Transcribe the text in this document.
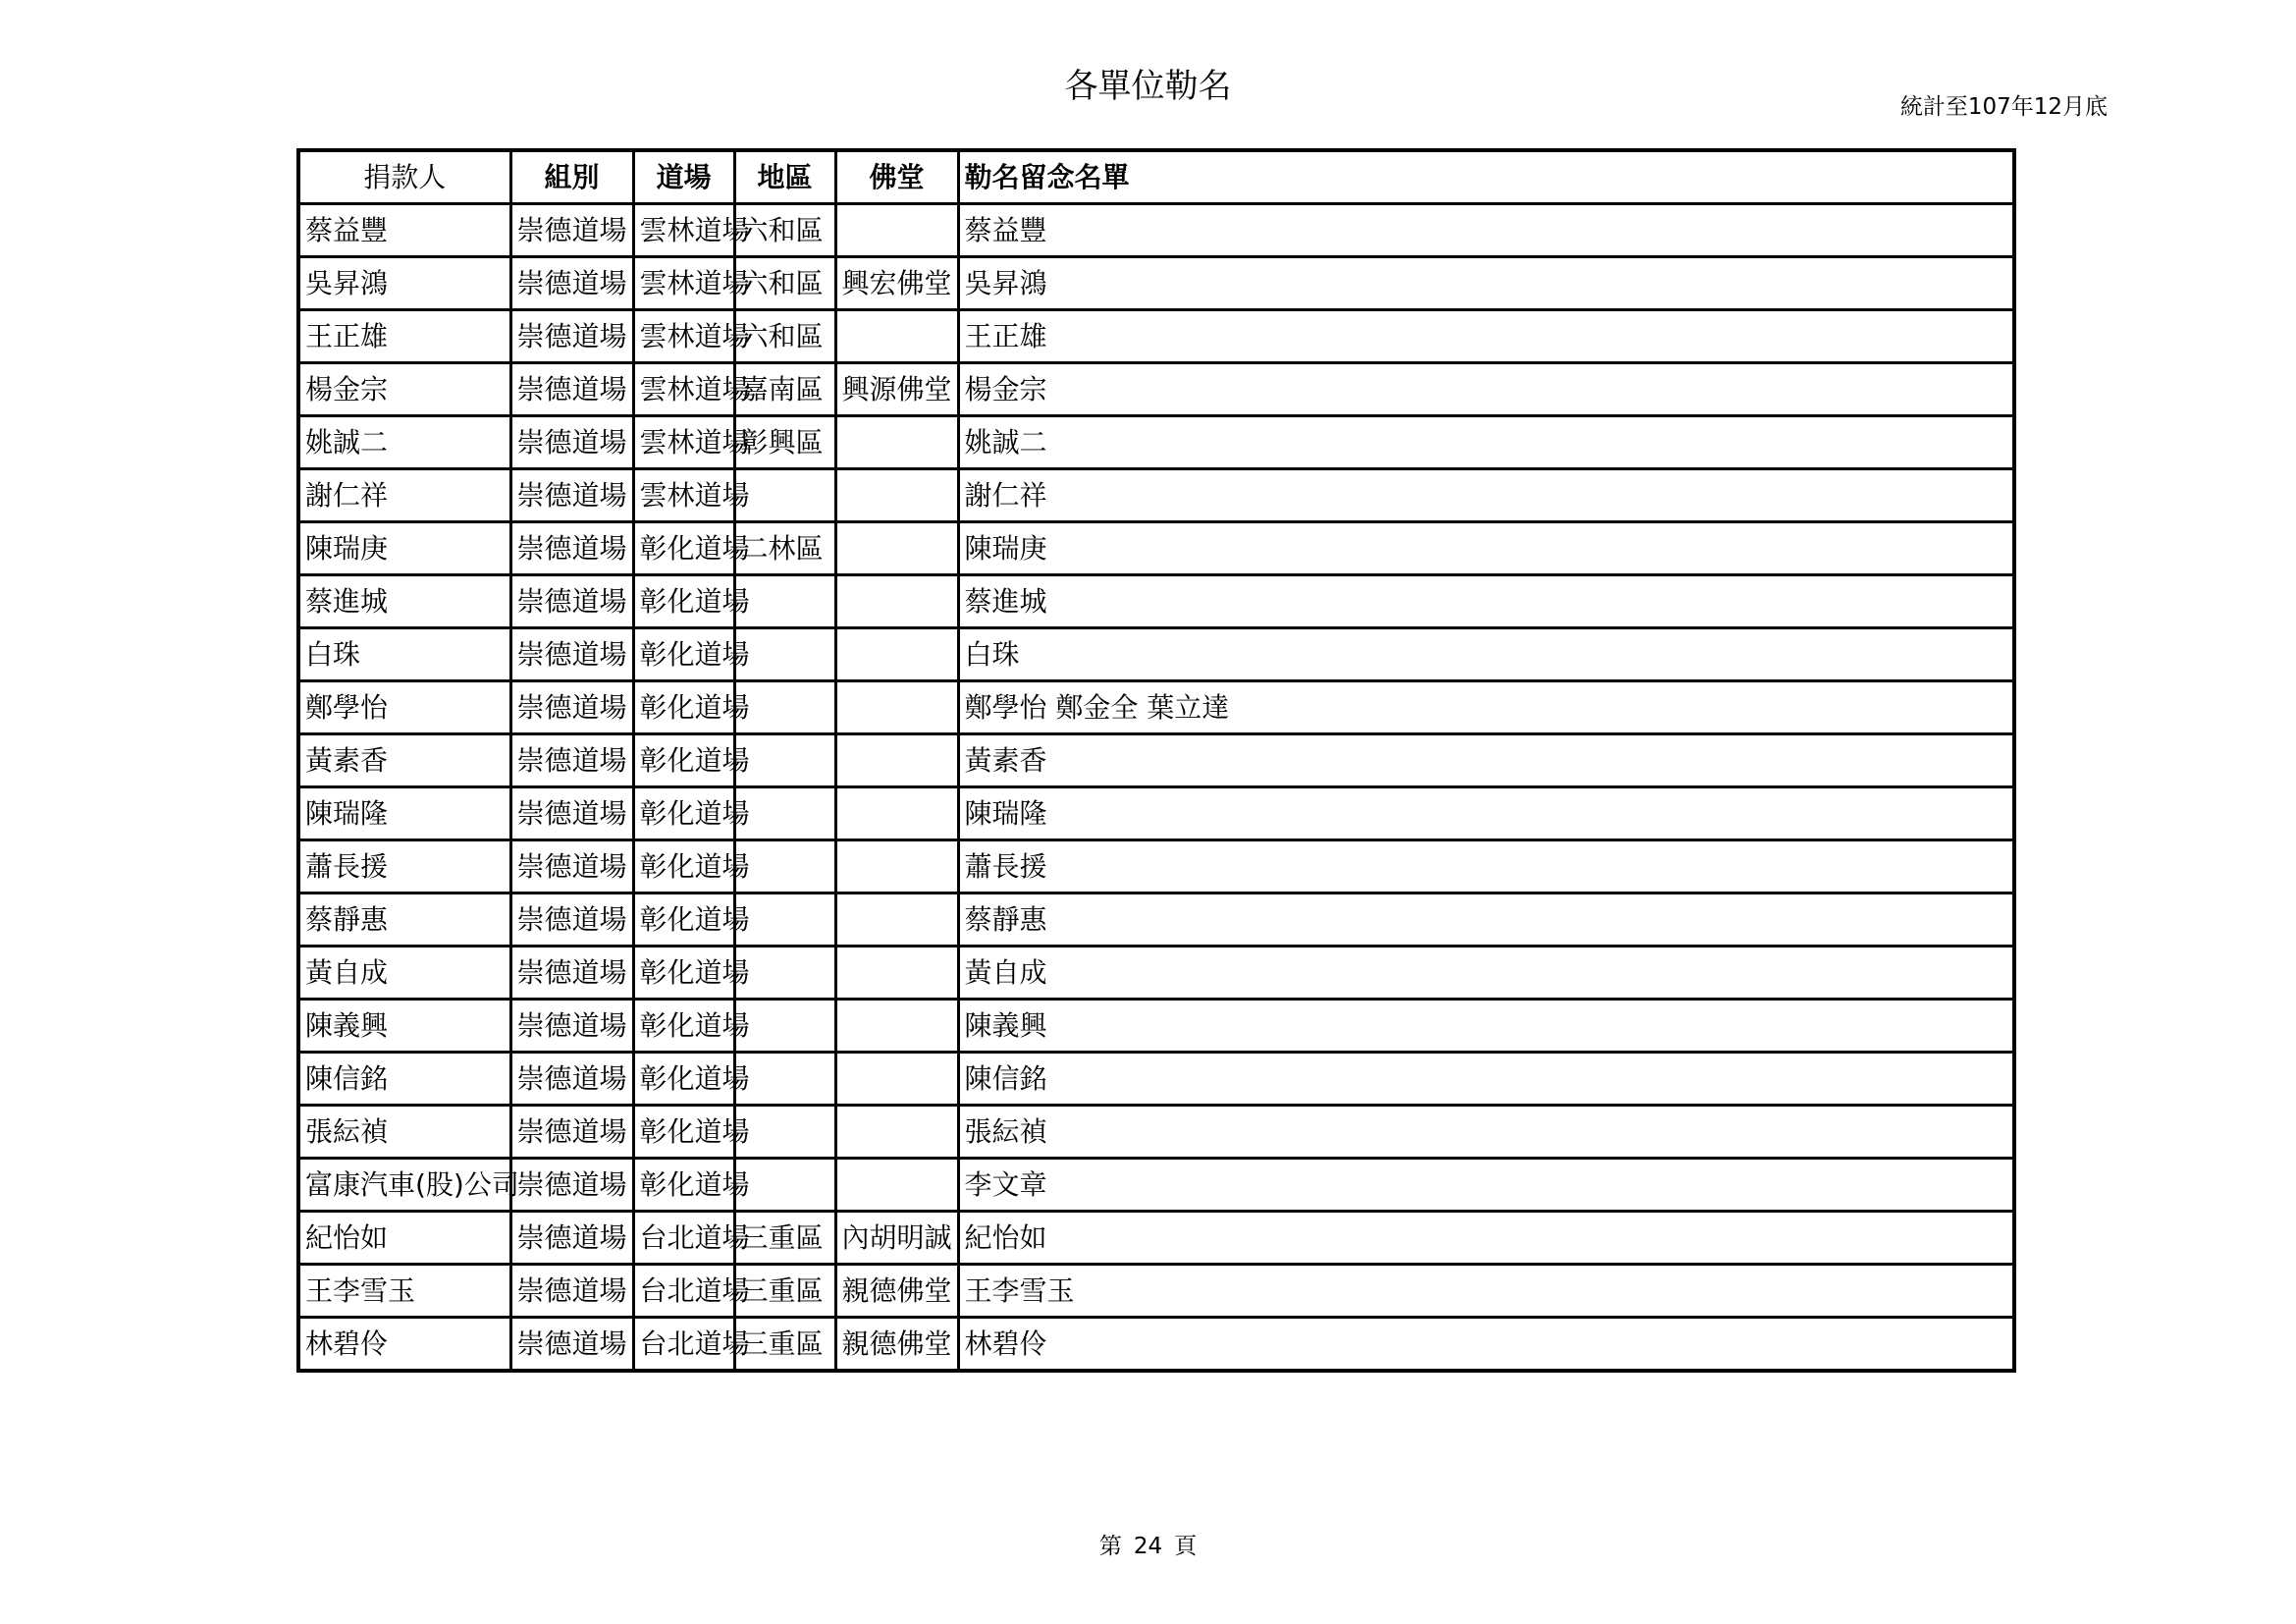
各單位勒名
統計至107年12月底
捐款人	組別	道場	地區	佛堂	勒名留念名單
蔡益豐	崇德道場	雲林道場	六和區		蔡益豐
吳昇鴻	崇德道場	雲林道場	六和區	興宏佛堂	吳昇鴻
王正雄	崇德道場	雲林道場	六和區		王正雄
楊金宗	崇德道場	雲林道場	嘉南區	興源佛堂	楊金宗
姚誠二	崇德道場	雲林道場	彰興區		姚誠二
謝仁祥	崇德道場	雲林道場			謝仁祥
陳瑞庚	崇德道場	彰化道場	二林區		陳瑞庚
蔡進城	崇德道場	彰化道場			蔡進城
白珠	崇德道場	彰化道場			白珠
鄭學怡	崇德道場	彰化道場			鄭學怡 鄭金全 葉立達
黃素香	崇德道場	彰化道場			黃素香
陳瑞隆	崇德道場	彰化道場			陳瑞隆
蕭長援	崇德道場	彰化道場			蕭長援
蔡靜惠	崇德道場	彰化道場			蔡靜惠
黃自成	崇德道場	彰化道場			黃自成
陳義興	崇德道場	彰化道場			陳義興
陳信銘	崇德道場	彰化道場			陳信銘
張紜禎	崇德道場	彰化道場			張紜禎
富康汽車(股)公司	崇德道場	彰化道場			李文章
紀怡如	崇德道場	台北道場	三重區	內胡明誠	紀怡如
王李雪玉	崇德道場	台北道場	三重區	親德佛堂	王李雪玉
林碧伶	崇德道場	台北道場	三重區	親德佛堂	林碧伶
第 24 頁
